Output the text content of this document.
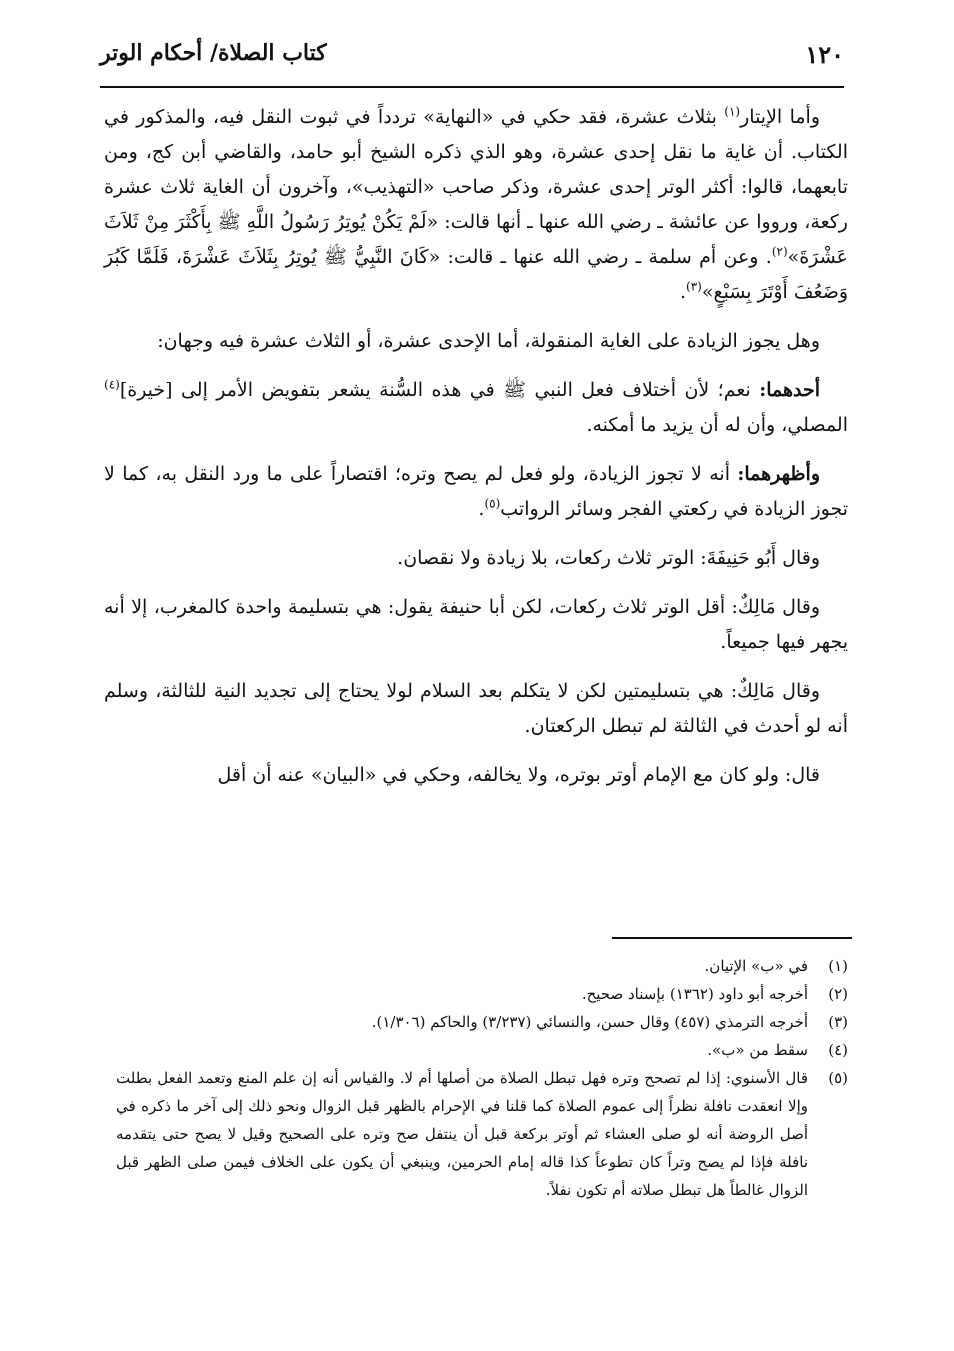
١٢٠
كتاب الصلاة/ أحكام الوتر

وأما الإيتار$^{(١)}$ بثلاث عشرة، فقد حكي في «النهاية» تردداً في ثبوت النقل فيه، والمذكور في الكتاب. أن غاية ما نقل إحدى عشرة، وهو الذي ذكره الشيخ أبو حامد، والقاضي أبن كج، ومن تابعهما، قالوا: أكثر الوتر إحدى عشرة، وذكر صاحب «التهذيب»، وآخرون أن الغاية ثلاث عشرة ركعة، ورووا عن عائشة ـ رضي الله عنها ـ أنها قالت: «لَمْ يَكُنْ يُوتِرُ رَسُولُ اللَّهِ ﷺ بِأَكْثَرَ مِنْ ثَلاَثَ عَشْرَةَ»$^{(٢)}$. وعن أم سلمة ـ رضي الله عنها ـ قالت: «كَانَ النَّبِيُّ ﷺ يُوتِرُ بِثَلاَثَ عَشْرَةَ، فَلَمَّا كَبُرَ وَضَعُفَ أَوْتَرَ بِسَبْعٍ»$^{(٣)}$.

وهل يجوز الزيادة على الغاية المنقولة، أما الإحدى عشرة، أو الثلاث عشرة فيه وجهان:

أحدهما: نعم؛ لأن أختلاف فعل النبي ﷺ في هذه السُّنة يشعر بتفويض الأمر إلى [خيرة]$^{(٤)}$ المصلي، وأن له أن يزيد ما أمكنه.

وأظهرهما: أنه لا تجوز الزيادة، ولو فعل لم يصح وتره؛ اقتصاراً على ما ورد النقل به، كما لا تجوز الزيادة في ركعتي الفجر وسائر الرواتب$^{(٥)}$.

وقال أَبُو حَنِيفَةَ: الوتر ثلاث ركعات، بلا زيادة ولا نقصان.

وقال مَالِكٌ: أقل الوتر ثلاث ركعات، لكن أبا حنيفة يقول: هي بتسليمة واحدة كالمغرب، إلا أنه يجهر فيها جميعاً.

وقال مَالِكٌ: هي بتسليمتين لكن لا يتكلم بعد السلام لولا يحتاج إلى تجديد النية للثالثة، وسلم أنه لو أحدث في الثالثة لم تبطل الركعتان.

قال: ولو كان مع الإمام أوتر بوتره، ولا يخالفه، وحكي في «البيان» عنه أن أقل

(١)
في «ب» الإتيان.
(٢)
أخرجه أبو داود (١٣٦٢) بإسناد صحيح.
(٣)
أخرجه الترمذي (٤٥٧) وقال حسن، والنسائي (٣/٢٣٧) والحاكم (١/٣٠٦).
(٤)
سقط من «ب».
(٥)
قال الأسنوي: إذا لم تصحح وتره فهل تبطل الصلاة من أصلها أم لا. والقياس أنه إن علم المنع وتعمد الفعل بطلت وإلا انعقدت نافلة نظراً إلى عموم الصلاة كما قلنا في الإحرام بالظهر قبل الزوال ونحو ذلك إلى آخر ما ذكره في أصل الروضة أنه لو صلى العشاء ثم أوتر بركعة قبل أن ينتفل صح وتره على الصحيح وقيل لا يصح حتى يتقدمه نافلة فإذا لم يصح وتراً كان تطوعاً كذا قاله إمام الحرمين، وينبغي أن يكون على الخلاف فيمن صلى الظهر قبل الزوال غالطاً هل تبطل صلاته أم تكون نفلاً.
